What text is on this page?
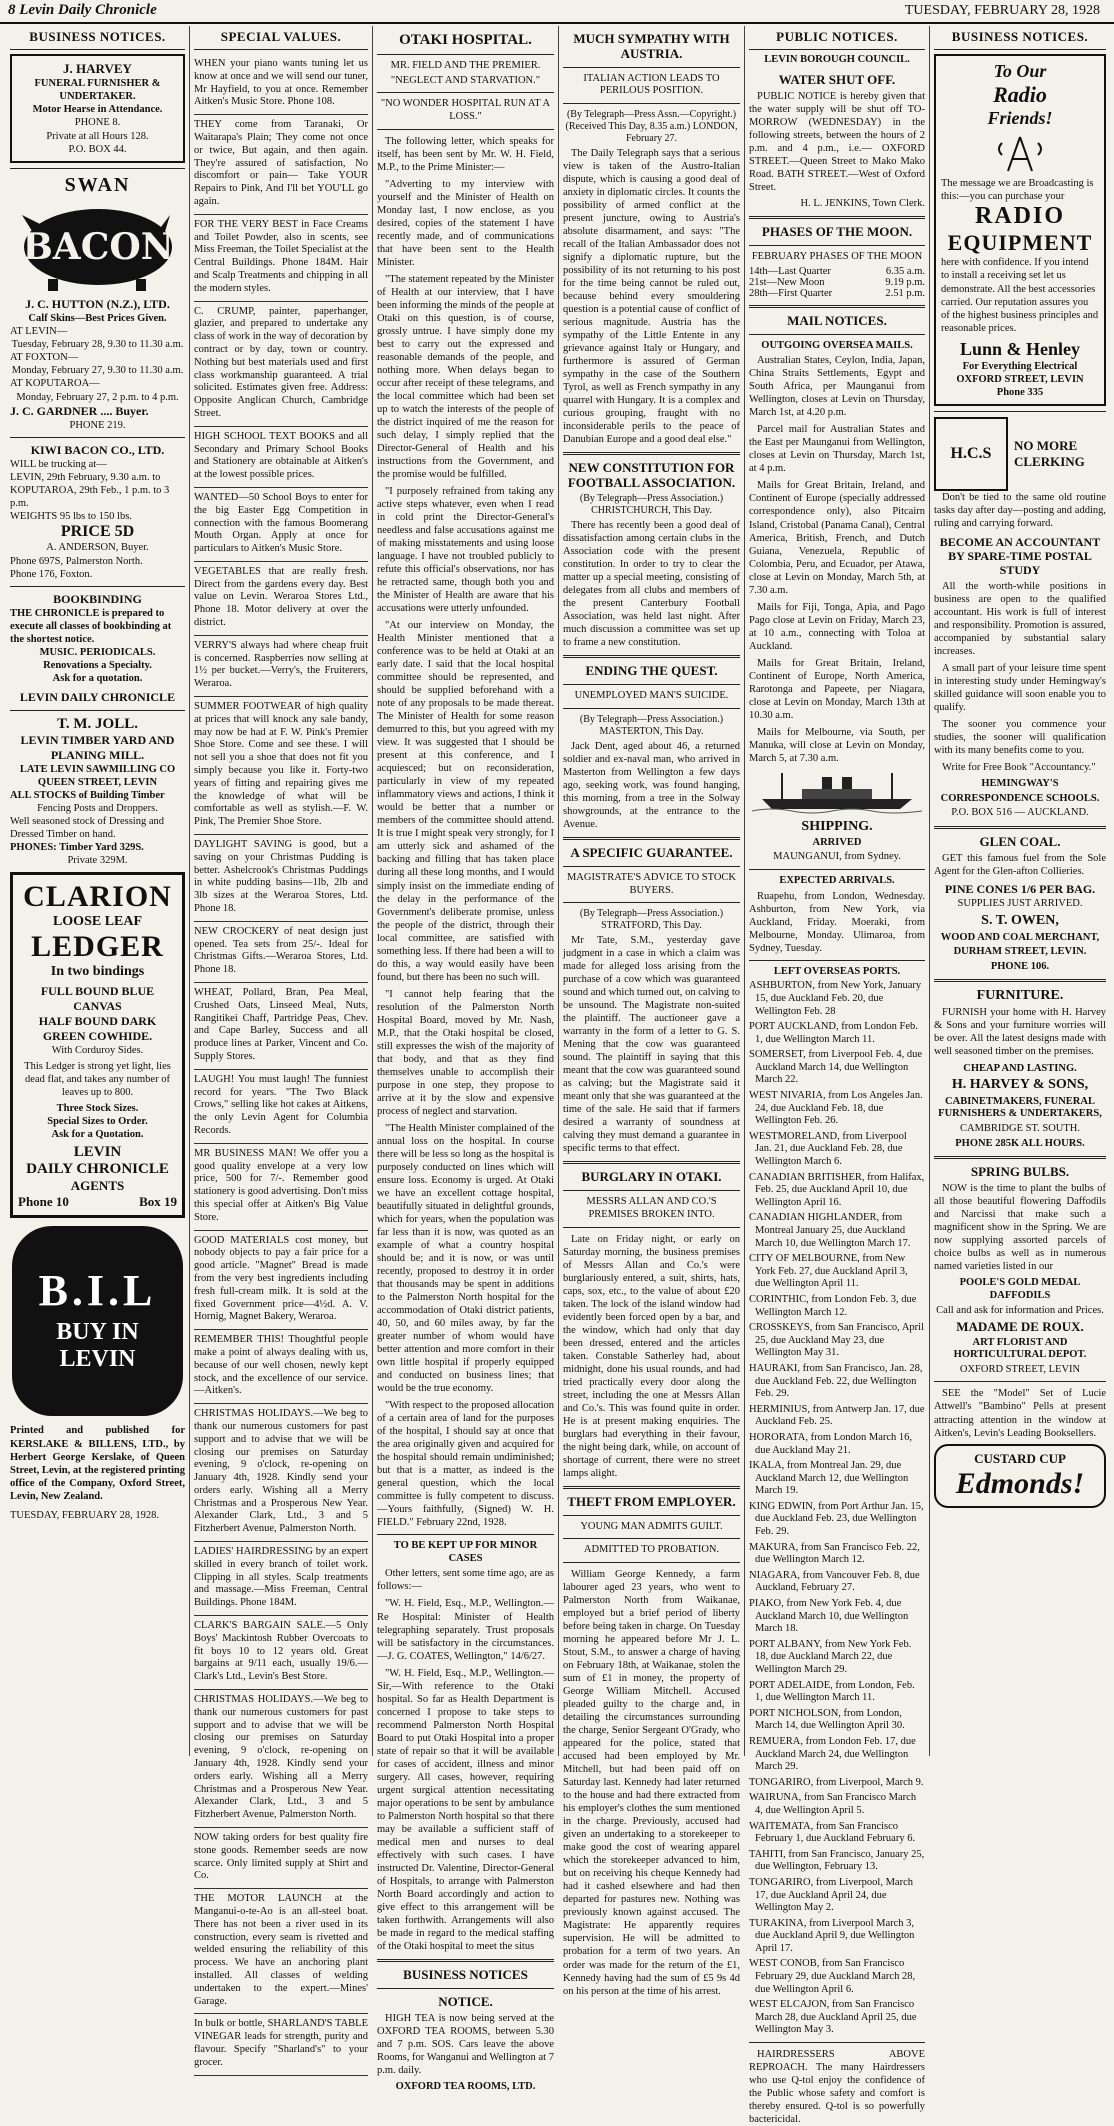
8 Levin Daily Chronicle	TUESDAY, FEBRUARY 28, 1928
BUSINESS NOTICES.
J. HARVEY
FUNERAL FURNISHER & UNDERTAKER.
Motor Hearse in Attendance.
PHONE 8.
Private at all Hours 128.
P.O. BOX 44.
SWAN
BACON
J. C. HUTTON (N.Z.), LTD.
Calf Skins—Best Prices Given.
AT LEVIN—
Tuesday, February 28, 9.30 to 11.30 a.m.
AT FOXTON—
Monday, February 27, 9.30 to 11.30 a.m.
AT KOPUTAROA—
Monday, February 27, 2 p.m. to 4 p.m.
J. C. GARDNER .... Buyer.
PHONE 219.
KIWI BACON CO., LTD.
WILL be trucking at—
LEVIN, 29th February, 9.30 a.m. to
KOPUTAROA, 29th Feb., 1 p.m. to 3 p.m.
WEIGHTS 95 lbs to 150 lbs.
PRICE 5D
A. ANDERSON, Buyer.
Phone 697S, Palmerston North.
Phone 176, Foxton.
BOOKBINDING
THE CHRONICLE is prepared to execute all classes of bookbinding at the shortest notice.
MUSIC. PERIODICALS.
Renovations a Specialty.
Ask for a quotation.
LEVIN DAILY CHRONICLE
T. M. JOLL.
LEVIN TIMBER YARD AND PLANING MILL.
LATE LEVIN SAWMILLING CO
QUEEN STREET, LEVIN
ALL STOCKS of Building Timber
Fencing Posts and Droppers.
Well seasoned stock of Dressing and Dressed Timber on hand.
PHONES: Timber Yard 329S.
Private 329M.
CLARION
LOOSE LEAF
LEDGER
In two bindings
FULL BOUND BLUE CANVAS
HALF BOUND DARK GREEN COWHIDE.
With Corduroy Sides.
This Ledger is strong yet light, lies dead flat, and takes any number of leaves up to 800.
Three Stock Sizes.
Special Sizes to Order.
Ask for a Quotation.
LEVIN
DAILY CHRONICLE
AGENTS
Phone 10	Box 19
B.I.L
BUY IN
LEVIN
Printed and published for KERSLAKE & BILLENS, LTD., by Herbert George Kerslake, of Queen Street, Levin, at the registered printing office of the Company, Oxford Street, Levin, New Zealand.
TUESDAY, FEBRUARY 28, 1928.
SPECIAL VALUES.

WHEN your piano wants tuning let us know at once and we will send our tuner, Mr Hayfield, to you at once. Remember Aitken's Music Store. Phone 108.

THEY come from Taranaki, Or Waitarapa's Plain; They come not once or twice, But again, and then again. They're assured of satisfaction, No discomfort or pain— Take YOUR Repairs to Pink, And I'll bet YOU'LL go again.

FOR THE VERY BEST in Face Creams and Toilet Powder, also in scents, see Miss Freeman, the Toilet Specialist at the Central Buildings. Phone 184M. Hair and Scalp Treatments and chipping in all the modern styles.

C. CRUMP, painter, paperhanger, glazier, and prepared to undertake any class of work in the way of decoration by contract or by day, town or country. Nothing but best materials used and first class workmanship guaranteed. A trial solicited. Estimates given free. Address: Opposite Anglican Church, Cambridge Street.

HIGH SCHOOL TEXT BOOKS and all Secondary and Primary School Books and Stationery are obtainable at Aitken's at the lowest possible prices.

WANTED—50 School Boys to enter for the big Easter Egg Competition in connection with the famous Boomerang Mouth Organ. Apply at once for particulars to Aitken's Music Store.

VEGETABLES that are really fresh. Direct from the gardens every day. Best value on Levin. Weraroa Stores Ltd., Phone 18. Motor delivery at over the district.

VERRY'S always had where cheap fruit is concerned. Raspberries now selling at 1½ per bucket.—Verry's, the Fruiterers, Weraroa.

SUMMER FOOTWEAR of high quality at prices that will knock any sale bandy, may now be had at F. W. Pink's Premier Shoe Store. Come and see these. I will not sell you a shoe that does not fit you simply because you like it. Forty-two years of fitting and repairing gives me the knowledge of what will be comfortable as well as stylish.—F. W. Pink, The Premier Shoe Store.

DAYLIGHT SAVING is good, but a saving on your Christmas Pudding is better. Ashelcrook's Christmas Puddings in white pudding basins—1lb, 2lb and 3lb sizes at the Weraroa Stores, Ltd. Phone 18.

NEW CROCKERY of neat design just opened. Tea sets from 25/-. Ideal for Christmas Gifts.—Weraroa Stores, Ltd. Phone 18.

WHEAT, Pollard, Bran, Pea Meal, Crushed Oats, Linseed Meal, Nuts, Rangitikei Chaff, Partridge Peas, Chev. and Cape Barley, Success and all produce lines at Parker, Vincent and Co. Supply Stores.

LAUGH! You must laugh! The funniest record for years. "The Two Black Crows," selling like hot cakes at Aitkens, the only Levin Agent for Columbia Records.

MR BUSINESS MAN! We offer you a good quality envelope at a very low price, 500 for 7/-. Remember good stationery is good advertising. Don't miss this special offer at Aitken's Big Value Store.

GOOD MATERIALS cost money, but nobody objects to pay a fair price for a good article. "Magnet" Bread is made from the very best ingredients including fresh full-cream milk. It is sold at the fixed Government price—4½d. A. V. Hornig, Magnet Bakery, Weraroa.

REMEMBER THIS! Thoughtful people make a point of always dealing with us, because of our well chosen, newly kept stock, and the excellence of our service.—Aitken's.

CHRISTMAS HOLIDAYS.—We beg to thank our numerous customers for past support and to advise that we will be closing our premises on Saturday evening, 9 o'clock, re-opening on January 4th, 1928. Kindly send your orders early. Wishing all a Merry Christmas and a Prosperous New Year. Alexander Clark, Ltd., 3 and 5 Fitzherbert Avenue, Palmerston North.

LADIES' HAIRDRESSING by an expert skilled in every branch of toilet work. Clipping in all styles. Scalp treatments and massage.—Miss Freeman, Central Buildings. Phone 184M.

CLARK'S BARGAIN SALE.—5 Only Boys' Mackintosh Rubber Overcoats to fit boys 10 to 12 years old. Great bargains at 9/11 each, usually 19/6.—Clark's Ltd., Levin's Best Store.

CHRISTMAS HOLIDAYS.—We beg to thank our numerous customers for past support and to advise that we will be closing our premises on Saturday evening, 9 o'clock, re-opening on January 4th, 1928. Kindly send your orders early. Wishing all a Merry Christmas and a Prosperous New Year. Alexander Clark, Ltd., 3 and 5 Fitzherbert Avenue, Palmerston North.

NOW taking orders for best quality fire stone goods. Remember seeds are now scarce. Only limited supply at Shirt and Co.

THE MOTOR LAUNCH at the Manganui-o-te-Ao is an all-steel boat. There has not been a river used in its construction, every seam is rivetted and welded ensuring the reliability of this process. We have an anchoring plant installed. All classes of welding undertaken to the expert.—Mines' Garage.

In bulk or bottle, SHARLAND'S TABLE VINEGAR leads for strength, purity and flavour. Specify "Sharland's" to your grocer.

OTAKI HOSPITAL.
MR. FIELD AND THE PREMIER.
"NEGLECT AND STARVATION."
"NO WONDER HOSPITAL RUN AT A LOSS."

The following letter, which speaks for itself, has been sent by Mr. W. H. Field, M.P., to the Prime Minister:—

"Adverting to my interview with yourself and the Minister of Health on Monday last, I now enclose, as you desired, copies of the statement I have recently made, and of communications that have been sent to the Health Minister.

"The statement repeated by the Minister of Health at our interview, that I have been informing the minds of the people at Otaki on this question, is of course, grossly untrue. I have simply done my best to carry out the expressed and reasonable demands of the people, and nothing more. When delays began to occur after receipt of these telegrams, and the local committee which had been set up to watch the interests of the people of the district inquired of me the reason for such delay, I simply replied that the Director-General of Health and his instructions from the Government, and the promise would be fulfilled.

"I purposely refrained from taking any active steps whatever, even when I read in cold print the Director-General's needless and false accusations against me of making misstatements and using loose language. I have not troubled publicly to refute this official's observations, nor has he retracted same, though both you and the Minister of Health are aware that his accusations were utterly unfounded.

"At our interview on Monday, the Health Minister mentioned that a conference was to be held at Otaki at an early date. I said that the local hospital committee should be represented, and should be supplied beforehand with a note of any proposals to be made thereat. The Minister of Health for some reason demurred to this, but you agreed with my view. It was suggested that I should be present at this conference, and I acquiesced; but on reconsideration, particularly in view of my repeated inflammatory views and actions, I think it would be better that a number or members of the committee should attend. It is true I might speak very strongly, for I am utterly sick and ashamed of the backing and filling that has taken place during all these long months, and I would simply insist on the immediate ending of the delay in the performance of the Government's deliberate promise, unless the people of the district, through their local committee, are satisfied with something less. If there had been a will to do this, a way would easily have been found, but there has been no such will.

"I cannot help fearing that the resolution of the Palmerston North Hospital Board, moved by Mr. Nash, M.P., that the Otaki hospital be closed, still expresses the wish of the majority of that body, and that as they find themselves unable to accomplish their purpose in one step, they propose to arrive at it by the slow and expensive process of neglect and starvation.

"The Health Minister complained of the annual loss on the hospital. In course there will be less so long as the hospital is purposely conducted on lines which will ensure loss. Economy is urged. At Otaki we have an excellent cottage hospital, beautifully situated in delightful grounds, which for years, when the population was far less than it is now, was quoted as an example of what a country hospital should be; and it is now, or was until recently, proposed to destroy it in order that thousands may be spent in additions to the Palmerston North hospital for the accommodation of Otaki district patients, 40, 50, and 60 miles away, by far the greater number of whom would have better attention and more comfort in their own little hospital if properly equipped and conducted on business lines; that would be the true economy.

"With respect to the proposed allocation of a certain area of land for the purposes of the hospital, I should say at once that the area originally given and acquired for the hospital should remain undiminished; but that is a matter, as indeed is the general question, which the local committee is fully competent to discuss.—Yours faithfully, (Signed) W. H. FIELD." February 22nd, 1928.

TO BE KEPT UP FOR MINOR CASES

Other letters, sent some time ago, are as follows:—

"W. H. Field, Esq., M.P., Wellington.—Re Hospital: Minister of Health telegraphing separately. Trust proposals will be satisfactory in the circumstances.—J. G. COATES, Wellington," 14/6/27.

"W. H. Field, Esq., M.P., Wellington.—Sir,—With reference to the Otaki hospital. So far as Health Department is concerned I propose to take steps to recommend Palmerston North Hospital Board to put Otaki Hospital into a proper state of repair so that it will be available for cases of accident, illness and minor surgery. All cases, however, requiring urgent surgical attention necessitating major operations to be sent by ambulance to Palmerston North hospital so that there may be available a sufficient staff of medical men and nurses to deal effectively with such cases. I have instructed Dr. Valentine, Director-General of Hospitals, to arrange with Palmerston North Board accordingly and action to give effect to this arrangement will be taken forthwith. Arrangements will also be made in regard to the medical staffing of the Otaki hospital to meet the situs

BUSINESS NOTICES
NOTICE.

HIGH TEA is now being served at the OXFORD TEA ROOMS, between 5.30 and 7 p.m. SOS. Cars leave the above Rooms, for Wanganui and Wellington at 7 p.m. daily.

OXFORD TEA ROOMS, LTD.
MUCH SYMPATHY WITH AUSTRIA.
ITALIAN ACTION LEADS TO PERILOUS POSITION.
(By Telegraph—Press Assn.—Copyright.) (Received This Day, 8.35 a.m.) LONDON, February 27.

The Daily Telegraph says that a serious view is taken of the Austro-Italian dispute, which is causing a good deal of anxiety in diplomatic circles. It counts the possibility of armed conflict at the present juncture, owing to Austria's absolute disarmament, and says: "The recall of the Italian Ambassador does not signify a diplomatic rupture, but the possibility of its not returning to his post for the time being cannot be ruled out, because behind every smouldering question is a potential cause of conflict of serious magnitude. Austria has the sympathy of the Little Entente in any grievance against Italy or Hungary, and furthermore is assured of German sympathy in the case of the Southern Tyrol, as well as French sympathy in any quarrel with Hungary. It is a complex and curious grouping, fraught with no inconsiderable perils to the peace of Danubian Europe and a good deal else."

NEW CONSTITUTION FOR FOOTBALL ASSOCIATION.
(By Telegraph—Press Association.) CHRISTCHURCH, This Day.

There has recently been a good deal of dissatisfaction among certain clubs in the Association code with the present constitution. In order to try to clear the matter up a special meeting, consisting of delegates from all clubs and members of the present Canterbury Football Association, was held last night. After much discussion a committee was set up to frame a new constitution.

ENDING THE QUEST.
UNEMPLOYED MAN'S SUICIDE.
(By Telegraph—Press Association.) MASTERTON, This Day.

Jack Dent, aged about 46, a returned soldier and ex-naval man, who arrived in Masterton from Wellington a few days ago, seeking work, was found hanging, this morning, from a tree in the Solway showgrounds, at the entrance to the Avenue.

A SPECIFIC GUARANTEE.
MAGISTRATE'S ADVICE TO STOCK BUYERS.
(By Telegraph—Press Association.) STRATFORD, This Day.

Mr Tate, S.M., yesterday gave judgment in a case in which a claim was made for alleged loss arising from the purchase of a cow which was guaranteed sound and which turned out, on calving to be unsound. The Magistrate non-suited the plaintiff. The auctioneer gave a warranty in the form of a letter to G. S. Mening that the cow was guaranteed sound. The plaintiff in saying that this meant that the cow was guaranteed sound as calving; but the Magistrate said it meant only that she was guaranteed at the time of the sale. He said that if farmers desired a warranty of soundness at calving they must demand a guarantee in specific terms to that effect.

BURGLARY IN OTAKI.
MESSRS ALLAN AND CO.'S PREMISES BROKEN INTO.

Late on Friday night, or early on Saturday morning, the business premises of Messrs Allan and Co.'s were burglariously entered, a suit, shirts, hats, caps, sox, etc., to the value of about £20 taken. The lock of the island window had evidently been forced open by a bar, and the window, which had only that day been dressed, entered and the articles taken. Constable Satherley had, about midnight, done his usual rounds, and had tried practically every door along the street, including the one at Messrs Allan and Co.'s. This was found quite in order. He is at present making enquiries. The burglars had everything in their favour, the night being dark, while, on account of shortage of current, there were no street lamps alight.

THEFT FROM EMPLOYER.
YOUNG MAN ADMITS GUILT.
ADMITTED TO PROBATION.

William George Kennedy, a farm labourer aged 23 years, who went to Palmerston North from Waikanae, employed but a brief period of liberty before being taken in charge. On Tuesday morning he appeared before Mr J. L. Stout, S.M., to answer a charge of having on February 18th, at Waikanae, stolen the sum of £1 in money, the property of George William Mitchell. Accused pleaded guilty to the charge and, in detailing the circumstances surrounding the charge, Senior Sergeant O'Grady, who appeared for the police, stated that accused had been employed by Mr. Mitchell, but had been paid off on Saturday last. Kennedy had later returned to the house and had there extracted from his employer's clothes the sum mentioned in the charge. Previously, accused had given an undertaking to a storekeeper to make good the cost of wearing apparel which the storekeeper advanced to him, but on receiving his cheque Kennedy had had it cashed elsewhere and had then departed for pastures new. Nothing was previously known against accused. The Magistrate: He apparently requires supervision. He will be admitted to probation for a term of two years. An order was made for the return of the £1, Kennedy having had the sum of £5 9s 4d on his person at the time of his arrest.

PUBLIC NOTICES.
LEVIN BOROUGH COUNCIL.
WATER SHUT OFF.

PUBLIC NOTICE is hereby given that the water supply will be shut off TO-MORROW (WEDNESDAY) in the following streets, between the hours of 2 p.m. and 4 p.m., i.e.— OXFORD STREET.—Queen Street to Mako Mako Road. BATH STREET.—West of Oxford Street.

H. L. JENKINS, Town Clerk.
PHASES OF THE MOON.
FEBRUARY PHASES OF THE MOON
14th—Last Quarter	6.35 a.m.
21st—New Moon	9.19 p.m.
28th—First Quarter	2.51 p.m.
MAIL NOTICES.
OUTGOING OVERSEA MAILS.

Australian States, Ceylon, India, Japan, China Straits Settlements, Egypt and South Africa, per Maunganui from Wellington, closes at Levin on Thursday, March 1st, at 4.20 p.m.

Parcel mail for Australian States and the East per Maunganui from Wellington, closes at Levin on Thursday, March 1st, at 4 p.m.

Mails for Great Britain, Ireland, and Continent of Europe (specially addressed correspondence only), also Pitcairn Island, Cristobal (Panama Canal), Central America, British, French, and Dutch Guiana, Venezuela, Republic of Colombia, Peru, and Ecuador, per Atawa, close at Levin on Monday, March 5th, at 7.30 a.m.

Mails for Fiji, Tonga, Apia, and Pago Pago close at Levin on Friday, March 23, at 10 a.m., connecting with Toloa at Auckland.

Mails for Great Britain, Ireland, Continent of Europe, North America, Rarotonga and Papeete, per Niagara, close at Levin on Monday, March 13th at 10.30 a.m.

Mails for Melbourne, via South, per Manuka, will close at Levin on Monday, March 5, at 7.30 a.m.

SHIPPING.
ARRIVED
MAUNGANUI, from Sydney.
EXPECTED ARRIVALS.

Ruapehu, from London, Wednesday. Ashburton, from New York, via Auckland, Friday. Moeraki, from Melbourne, Monday. Ulimaroa, from Sydney, Tuesday.

LEFT OVERSEAS PORTS.

ASHBURTON, from New York, January 15, due Auckland Feb. 20, due Wellington Feb. 28

PORT AUCKLAND, from London Feb. 1, due Wellington March 11.

SOMERSET, from Liverpool Feb. 4, due Auckland March 14, due Wellington March 22.

WEST NIVARIA, from Los Angeles Jan. 24, due Auckland Feb. 18, due Wellington Feb. 26.

WESTMORELAND, from Liverpool Jan. 21, due Auckland Feb. 28, due Wellington March 6.

CANADIAN BRITISHER, from Halifax, Feb. 25, due Auckland April 10, due Wellington April 16.

CANADIAN HIGHLANDER, from Montreal January 25, due Auckland March 10, due Wellington March 17.

CITY OF MELBOURNE, from New York Feb. 27, due Auckland April 3, due Wellington April 11.

CORINTHIC, from London Feb. 3, due Wellington March 12.

CROSSKEYS, from San Francisco, April 25, due Auckland May 23, due Wellington May 31.

HAURAKI, from San Francisco, Jan. 28, due Auckland Feb. 22, due Wellington Feb. 29.

HERMINIUS, from Antwerp Jan. 17, due Auckland Feb. 25.

HORORATA, from London March 16, due Auckland May 21.

IKALA, from Montreal Jan. 29, due Auckland March 12, due Wellington March 19.

KING EDWIN, from Port Arthur Jan. 15, due Auckland Feb. 23, due Wellington Feb. 29.

MAKURA, from San Francisco Feb. 22, due Wellington March 12.

NIAGARA, from Vancouver Feb. 8, due Auckland, February 27.

PIAKO, from New York Feb. 4, due Auckland March 10, due Wellington March 18.

PORT ALBANY, from New York Feb. 18, due Auckland March 22, due Wellington March 29.

PORT ADELAIDE, from London, Feb. 1, due Wellington March 11.

PORT NICHOLSON, from London, March 14, due Wellington April 30.

REMUERA, from London Feb. 17, due Auckland March 24, due Wellington March 29.

TONGARIRO, from Liverpool, March 9.

WAIRUNA, from San Francisco March 4, due Wellington April 5.

WAITEMATA, from San Francisco February 1, due Auckland February 6.

TAHITI, from San Francisco, January 25, due Wellington, February 13.

TONGARIRO, from Liverpool, March 17, due Auckland April 24, due Wellington May 2.

TURAKINA, from Liverpool March 3, due Auckland April 9, due Wellington April 17.

WEST CONOB, from San Francisco February 29, due Auckland March 28, due Wellington April 6.

WEST ELCAJON, from San Francisco March 28, due Auckland April 25, due Wellington May 3.

HAIRDRESSERS ABOVE REPROACH. The many Hairdressers who use Q-tol enjoy the confidence of the Public whose safety and comfort is thereby ensured. Q-tol is so powerfully bactericidal.

BUSINESS NOTICES.
To Our
Radio
Friends!
The message we are Broadcasting is this:—you can purchase your
RADIO
EQUIPMENT
here with confidence. If you intend to install a receiving set let us demonstrate. All the best accessories carried. Our reputation assures you of the highest business principles and reasonable prices.
Lunn & Henley
For Everything Electrical
OXFORD STREET, LEVIN
Phone 335
H.C.S	NO MORE
CLERKING

Don't be tied to the same old routine tasks day after day—posting and adding, ruling and carrying forward.

BECOME AN ACCOUNTANT BY SPARE-TIME POSTAL STUDY

All the worth-while positions in business are open to the qualified accountant. His work is full of interest and responsibility. Promotion is assured, accompanied by substantial salary increases.

A small part of your leisure time spent in interesting study under Hemingway's skilled guidance will soon enable you to qualify.

The sooner you commence your studies, the sooner will qualification with its many benefits come to you.

Write for Free Book "Accountancy."

HEMINGWAY'S
CORRESPONDENCE SCHOOLS.
P.O. BOX 516 — AUCKLAND.
GLEN COAL.

GET this famous fuel from the Sole Agent for the Glen-afton Collieries.

PINE CONES 1/6 PER BAG.
SUPPLIES JUST ARRIVED.
S. T. OWEN,
WOOD AND COAL MERCHANT,
DURHAM STREET, LEVIN.
PHONE 106.
FURNITURE.

FURNISH your home with H. Harvey & Sons and your furniture worries will be over. All the latest designs made with well seasoned timber on the premises.

CHEAP AND LASTING.
H. HARVEY & SONS,
CABINETMAKERS, FUNERAL FURNISHERS & UNDERTAKERS,
CAMBRIDGE ST. SOUTH.
PHONE 285K ALL HOURS.
SPRING BULBS.

NOW is the time to plant the bulbs of all those beautiful flowering Daffodils and Narcissi that make such a magnificent show in the Spring. We are now supplying assorted parcels of choice bulbs as well as in numerous named varieties listed in our

POOLE'S GOLD MEDAL DAFFODILS
Call and ask for information and Prices.
MADAME DE ROUX.
ART FLORIST AND HORTICULTURAL DEPOT.
OXFORD STREET, LEVIN

SEE the "Model" Set of Lucie Attwell's "Bambino" Pells at present attracting attention in the window at Aitken's, Levin's Leading Booksellers.

CUSTARD CUP
Edmonds!
